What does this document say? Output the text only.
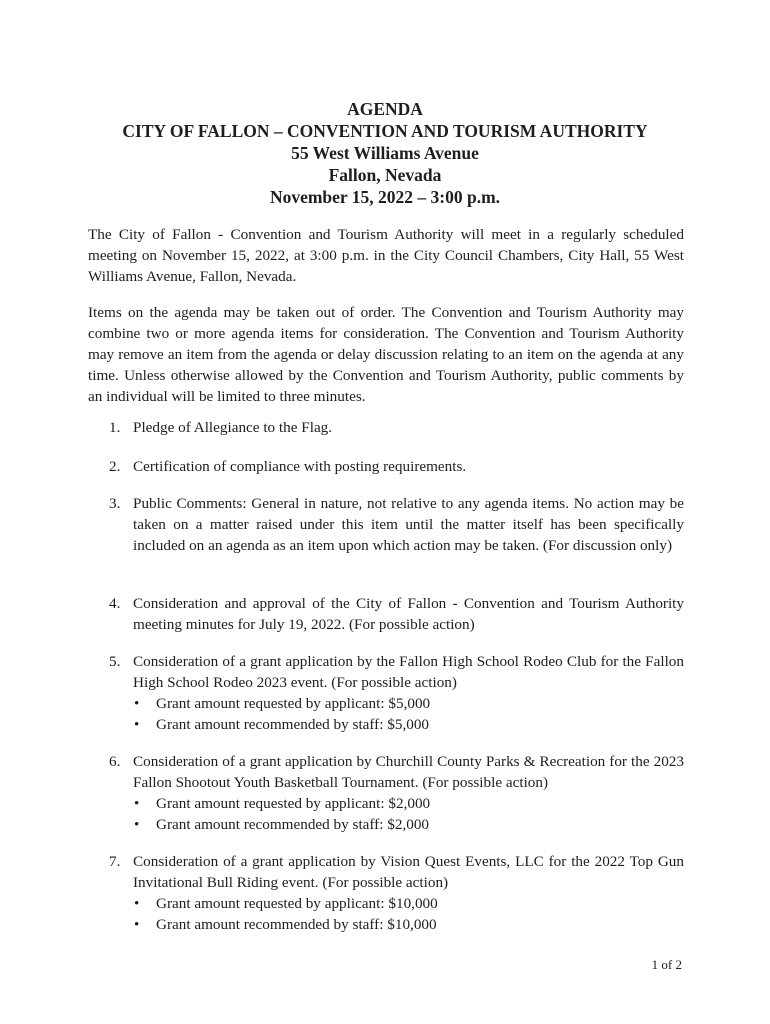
AGENDA
CITY OF FALLON – CONVENTION AND TOURISM AUTHORITY
55 West Williams Avenue
Fallon, Nevada
November 15, 2022 – 3:00 p.m.
The City of Fallon - Convention and Tourism Authority will meet in a regularly scheduled meeting on November 15, 2022, at 3:00 p.m. in the City Council Chambers, City Hall, 55 West Williams Avenue, Fallon, Nevada.
Items on the agenda may be taken out of order. The Convention and Tourism Authority may combine two or more agenda items for consideration. The Convention and Tourism Authority may remove an item from the agenda or delay discussion relating to an item on the agenda at any time. Unless otherwise allowed by the Convention and Tourism Authority, public comments by an individual will be limited to three minutes.
1. Pledge of Allegiance to the Flag.
2. Certification of compliance with posting requirements.
3. Public Comments: General in nature, not relative to any agenda items. No action may be taken on a matter raised under this item until the matter itself has been specifically included on an agenda as an item upon which action may be taken. (For discussion only)
4. Consideration and approval of the City of Fallon - Convention and Tourism Authority meeting minutes for July 19, 2022. (For possible action)
5. Consideration of a grant application by the Fallon High School Rodeo Club for the Fallon High School Rodeo 2023 event. (For possible action)
• Grant amount requested by applicant: $5,000
• Grant amount recommended by staff: $5,000
6. Consideration of a grant application by Churchill County Parks & Recreation for the 2023 Fallon Shootout Youth Basketball Tournament. (For possible action)
• Grant amount requested by applicant: $2,000
• Grant amount recommended by staff: $2,000
7. Consideration of a grant application by Vision Quest Events, LLC for the 2022 Top Gun Invitational Bull Riding event. (For possible action)
• Grant amount requested by applicant: $10,000
• Grant amount recommended by staff: $10,000
1 of 2
